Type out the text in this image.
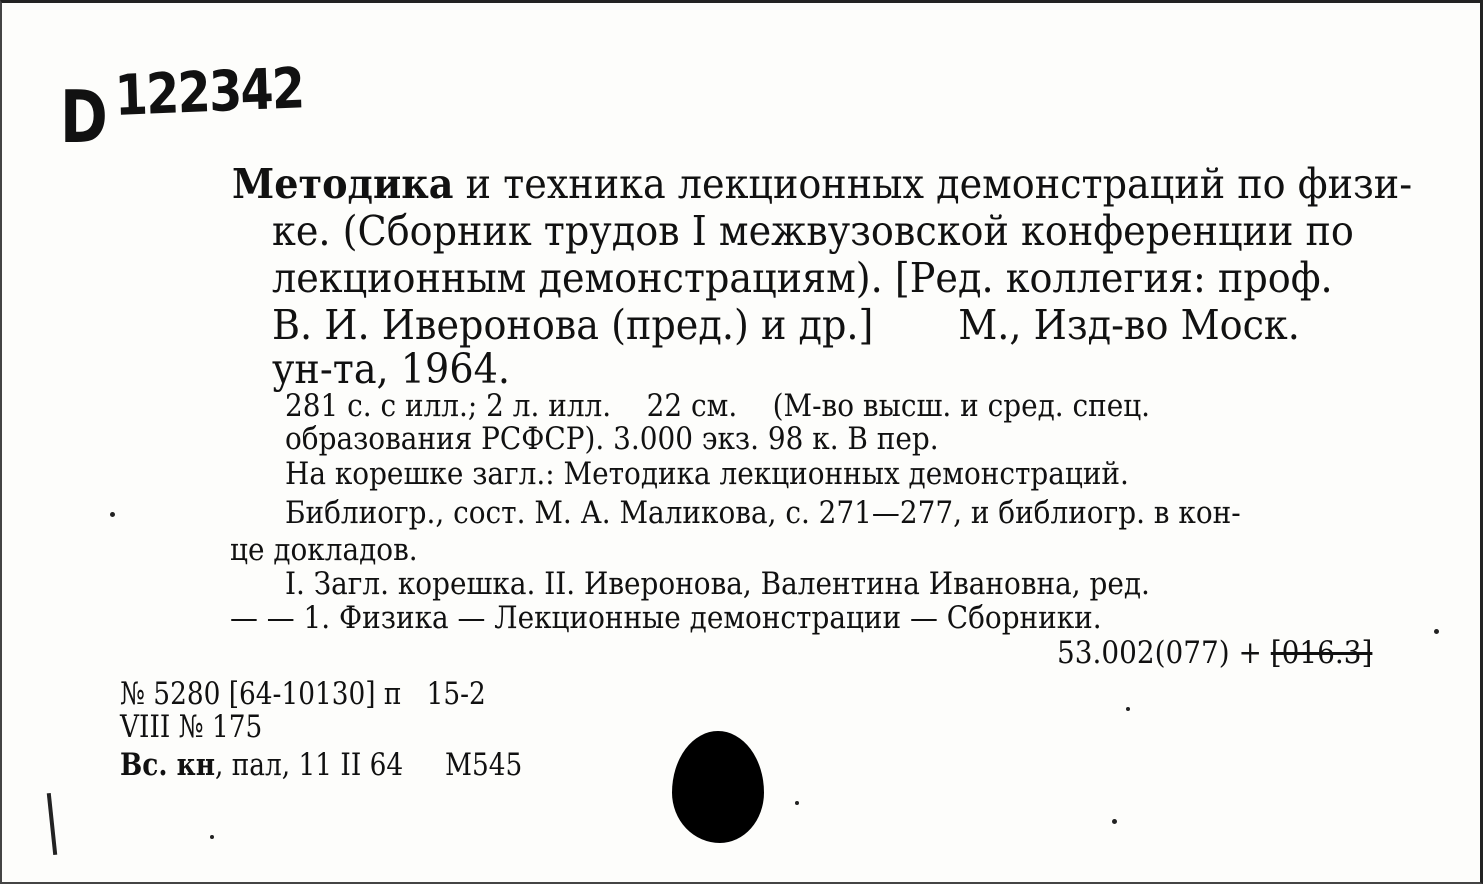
D 122342
Методика и техника лекционных демонстраций по физи-
ке. (Сборник трудов I межвузовской конференции по
лекционным демонстрациям). [Ред. коллегия: проф.
В. И. Иверонова (пред.) и др.]       М., Изд-во Моск.
ун-та, 1964.
281 с. с илл.; 2 л. илл.    22 см.    (М-во высш. и сред. спец.
образования РСФСР). 3.000 экз. 98 к. В пер.
На корешке загл.: Методика лекционных демонстраций.
Библиогр., сост. М. А. Маликова, с. 271—277, и библиогр. в кон-
це докладов.
I. Загл. корешка. II. Иверонова, Валентина Ивановна, ред.
— — 1. Физика — Лекционные демонстрации — Сборники.
53.002(077) + [016.3]
№ 5280 [64-10130] п   15-2
VIII № 175
Вс. кн, пал, 11 II 64     М545
